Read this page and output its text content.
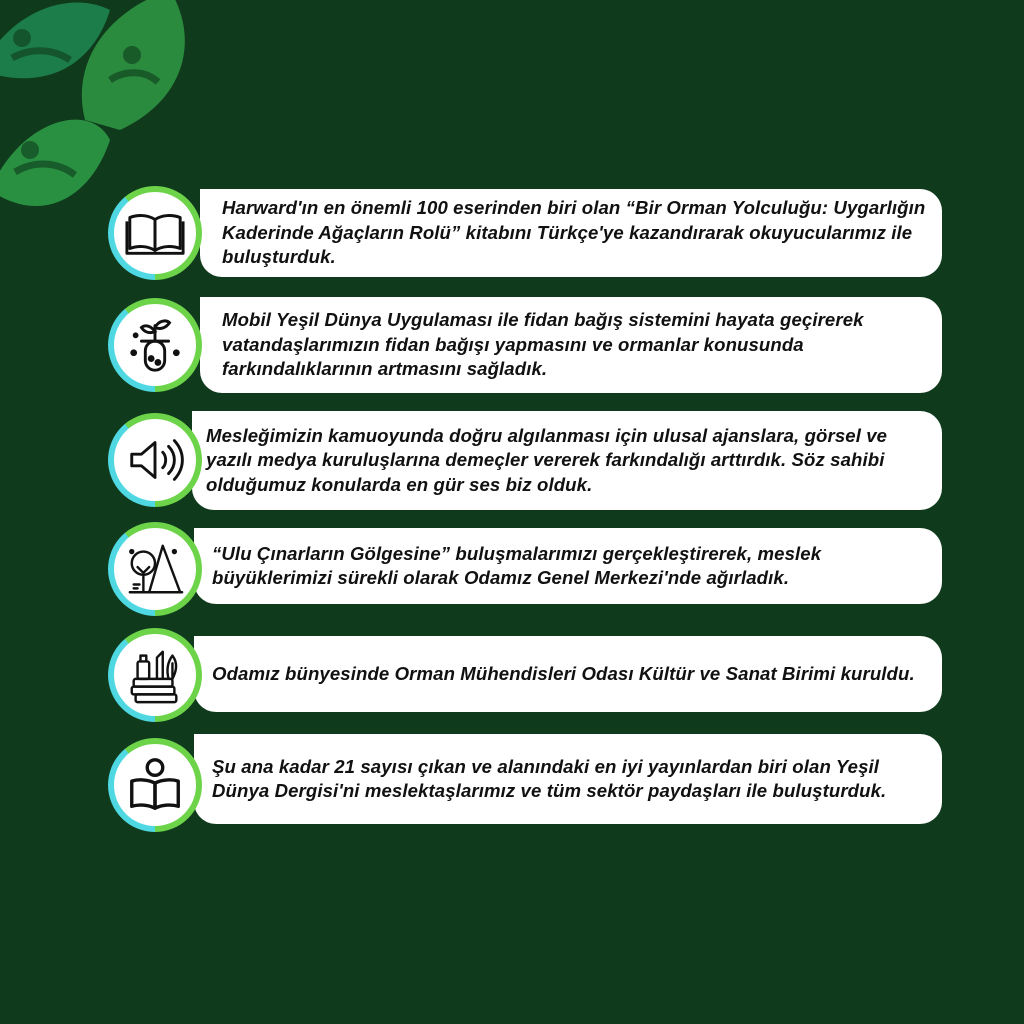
Harward'ın en önemli 100 eserinden biri olan “Bir Orman Yolculuğu: Uygarlığın Kaderinde Ağaçların Rolü” kitabını Türkçe'ye kazandırarak okuyucularımız ile buluşturduk.

Mobil Yeşil Dünya Uygulaması ile fidan bağış sistemini hayata geçirerek vatandaşlarımızın fidan bağışı yapmasını ve ormanlar konusunda farkındalıklarının artmasını sağladık.

Mesleğimizin kamuoyunda doğru algılanması için ulusal ajanslara, görsel ve yazılı medya kuruluşlarına demeçler vererek farkındalığı arttırdık. Söz sahibi olduğumuz konularda en gür ses biz olduk.

“Ulu Çınarların Gölgesine” buluşmalarımızı gerçekleştirerek, meslek büyüklerimizi sürekli olarak Odamız Genel Merkezi'nde ağırladık.

Odamız bünyesinde Orman Mühendisleri Odası Kültür ve Sanat Birimi kuruldu.

Şu ana kadar 21 sayısı çıkan ve alanındaki en iyi yayınlardan biri olan Yeşil Dünya Dergisi'ni meslektaşlarımız ve tüm sektör paydaşları ile buluşturduk.
